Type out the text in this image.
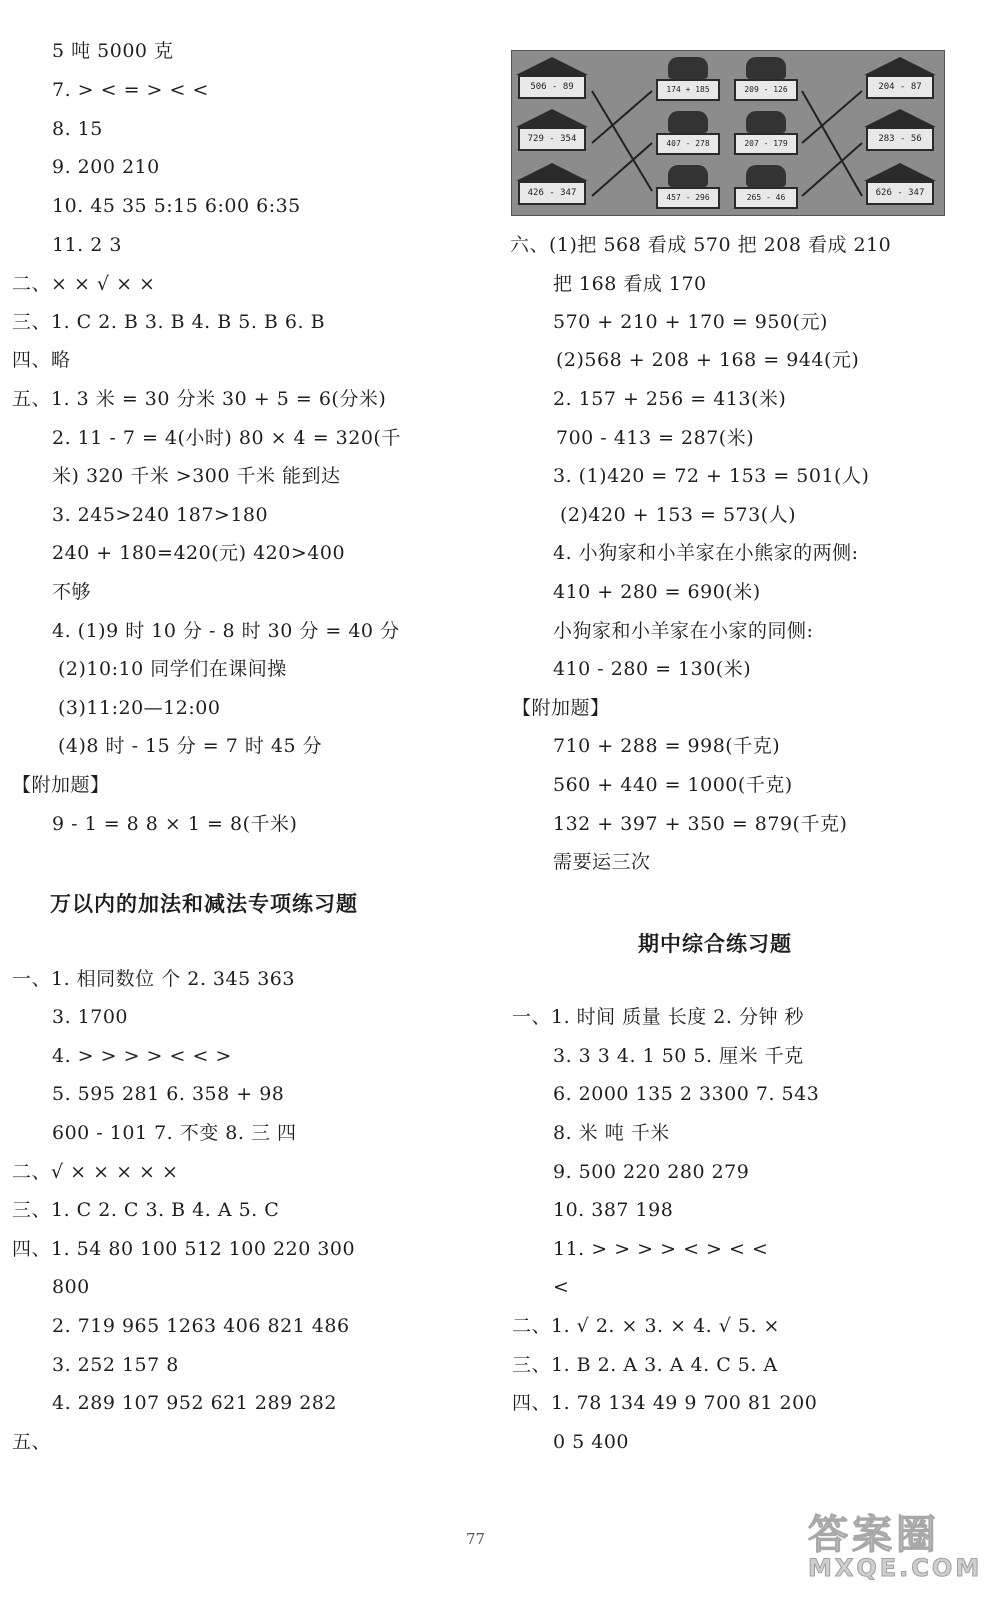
5 吨 5000 克
7. > < = > < <
8. 15
9. 200 210
10. 45 35 5:15 6:00 6:35
11. 2 3
二、× × √ × ×
三、1. C 2. B 3. B 4. B 5. B 6. B
四、略
五、1. 3 米 = 30 分米 30 + 5 = 6(分米)
2. 11 - 7 = 4(小时) 80 × 4 = 320(千
米) 320 千米 >300 千米 能到达
3. 245>240 187>180
240 + 180=420(元) 420>400
不够
4. (1)9 时 10 分 - 8 时 30 分 = 40 分
(2)10:10 同学们在课间操
(3)11:20—12:00
(4)8 时 - 15 分 = 7 时 45 分
【附加题】
9 - 1 = 8 8 × 1 = 8(千米)
万以内的加法和减法专项练习题
一、1. 相同数位 个 2. 345 363
3. 1700
4. > > > > < < >
5. 595 281 6. 358 + 98
600 - 101 7. 不变 8. 三 四
二、√ × × × × ×
三、1. C 2. C 3. B 4. A 5. C
四、1. 54 80 100 512 100 220 300
800
2. 719 965 1263 406 821 486
3. 252 157 8
4. 289 107 952 621 289 282
五、
506 - 89
729 - 354
426 - 347
174 + 185
407 - 278
457 - 296
209 - 126
207 - 179
265 - 46
204 - 87
283 - 56
626 - 347
六、(1)把 568 看成 570 把 208 看成 210
把 168 看成 170
570 + 210 + 170 = 950(元)
(2)568 + 208 + 168 = 944(元)
2. 157 + 256 = 413(米)
700 - 413 = 287(米)
3. (1)420 = 72 + 153 = 501(人)
(2)420 + 153 = 573(人)
4. 小狗家和小羊家在小熊家的两侧:
410 + 280 = 690(米)
小狗家和小羊家在小家的同侧:
410 - 280 = 130(米)
【附加题】
710 + 288 = 998(千克)
560 + 440 = 1000(千克)
132 + 397 + 350 = 879(千克)
需要运三次
期中综合练习题
一、1. 时间 质量 长度 2. 分钟 秒
3. 3 3 4. 1 50 5. 厘米 千克
6. 2000 135 2 3300 7. 543
8. 米 吨 千米
9. 500 220 280 279
10. 387 198
11. > > > > < > < <
<
二、1. √ 2. × 3. × 4. √ 5. ×
三、1. B 2. A 3. A 4. C 5. A
四、1. 78 134 49 9 700 81 200
0 5 400
77	答案圈
MXQE.COM
